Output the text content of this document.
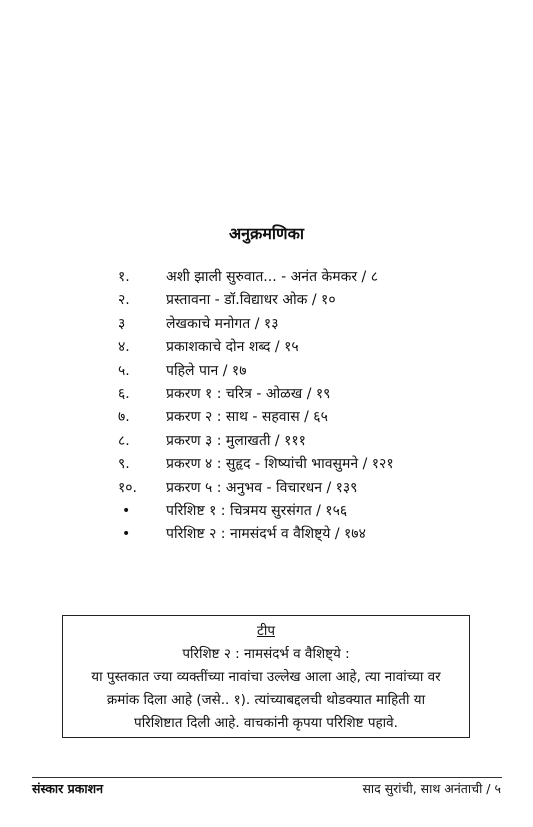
अनुक्रमणिका
१.	अशी झाली सुरुवात... - अनंत केमकर / ८
२.	प्रस्तावना - डॉ.विद्याधर ओक / १०
३	लेखकाचे मनोगत / १३
४.	प्रकाशकाचे दोन शब्द / १५
५.	पहिले पान / १७
६.	प्रकरण १ : चरित्र - ओळख / १९
७.	प्रकरण २ : साथ - सहवास / ६५
८.	प्रकरण ३ : मुलाखती / १११
९.	प्रकरण ४ : सुहृद - शिष्यांची भावसुमने / १२१
१०.	प्रकरण ५ : अनुभव - विचारधन / १३९
•	परिशिष्ट १ : चित्रमय सुरसंगत / १५६
•	परिशिष्ट २ : नामसंदर्भ व वैशिष्ट्ये / १७४
टीप
परिशिष्ट २ : नामसंदर्भ व वैशिष्ट्ये :
या पुस्तकात ज्या व्यक्तींच्या नावांचा उल्लेख आला आहे, त्या नावांच्या वर
क्रमांक दिला आहे (जसे.. १). त्यांच्याबद्दलची थोडक्यात माहिती या
परिशिष्टात दिली आहे. वाचकांनी कृपया परिशिष्ट पहावे.
संस्कार प्रकाशन	साद सुरांची, साथ अनंताची / ५
